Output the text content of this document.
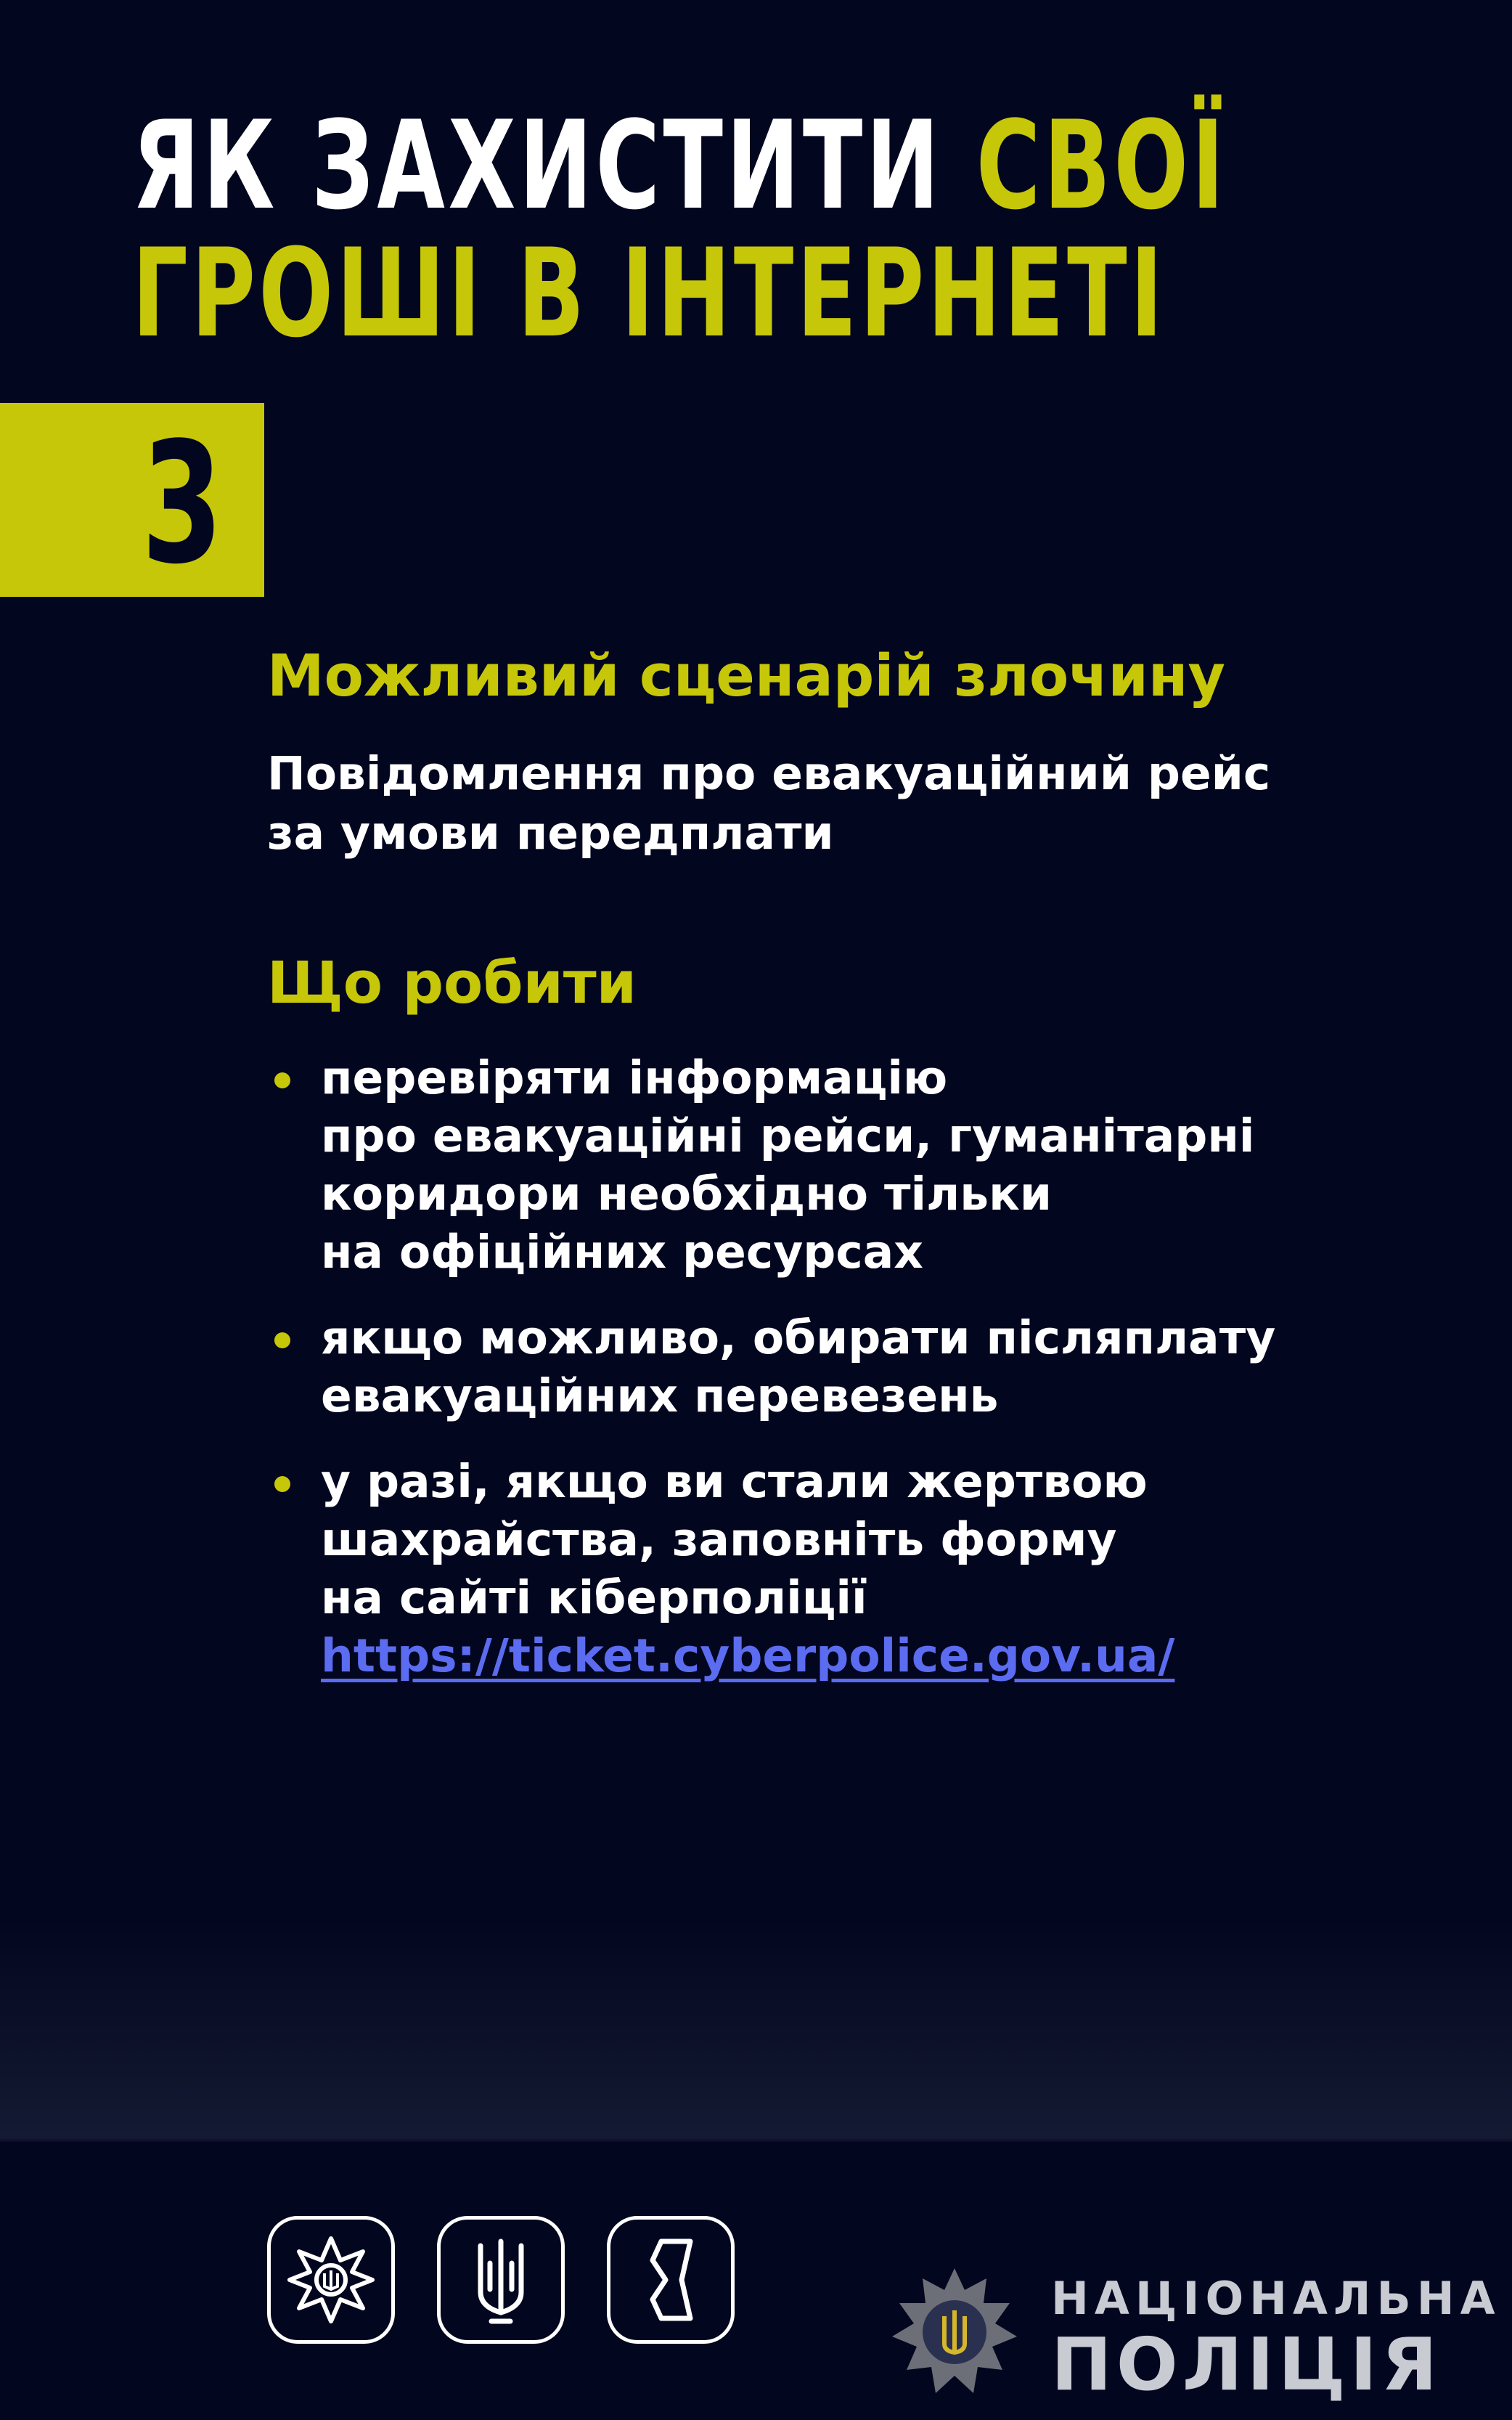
ЯК ЗАХИСТИТИ СВОЇ
ГРОШІ В ІНТЕРНЕТІ
3
Можливий сценарій злочину
Повідомлення про евакуаційний рейс
за умови передплати
Що робити
перевіряти інформацію
про евакуаційні рейси, гуманітарні
коридори необхідно тільки
на офіційних ресурсах
якщо можливо, обирати післяплату
евакуаційних перевезень
у разі, якщо ви стали жертвою
шахрайства, заповніть форму
на сайті кіберполіції
https://ticket.cyberpolice.gov.ua/
НАЦІОНАЛЬНА
ПОЛІЦІЯ
